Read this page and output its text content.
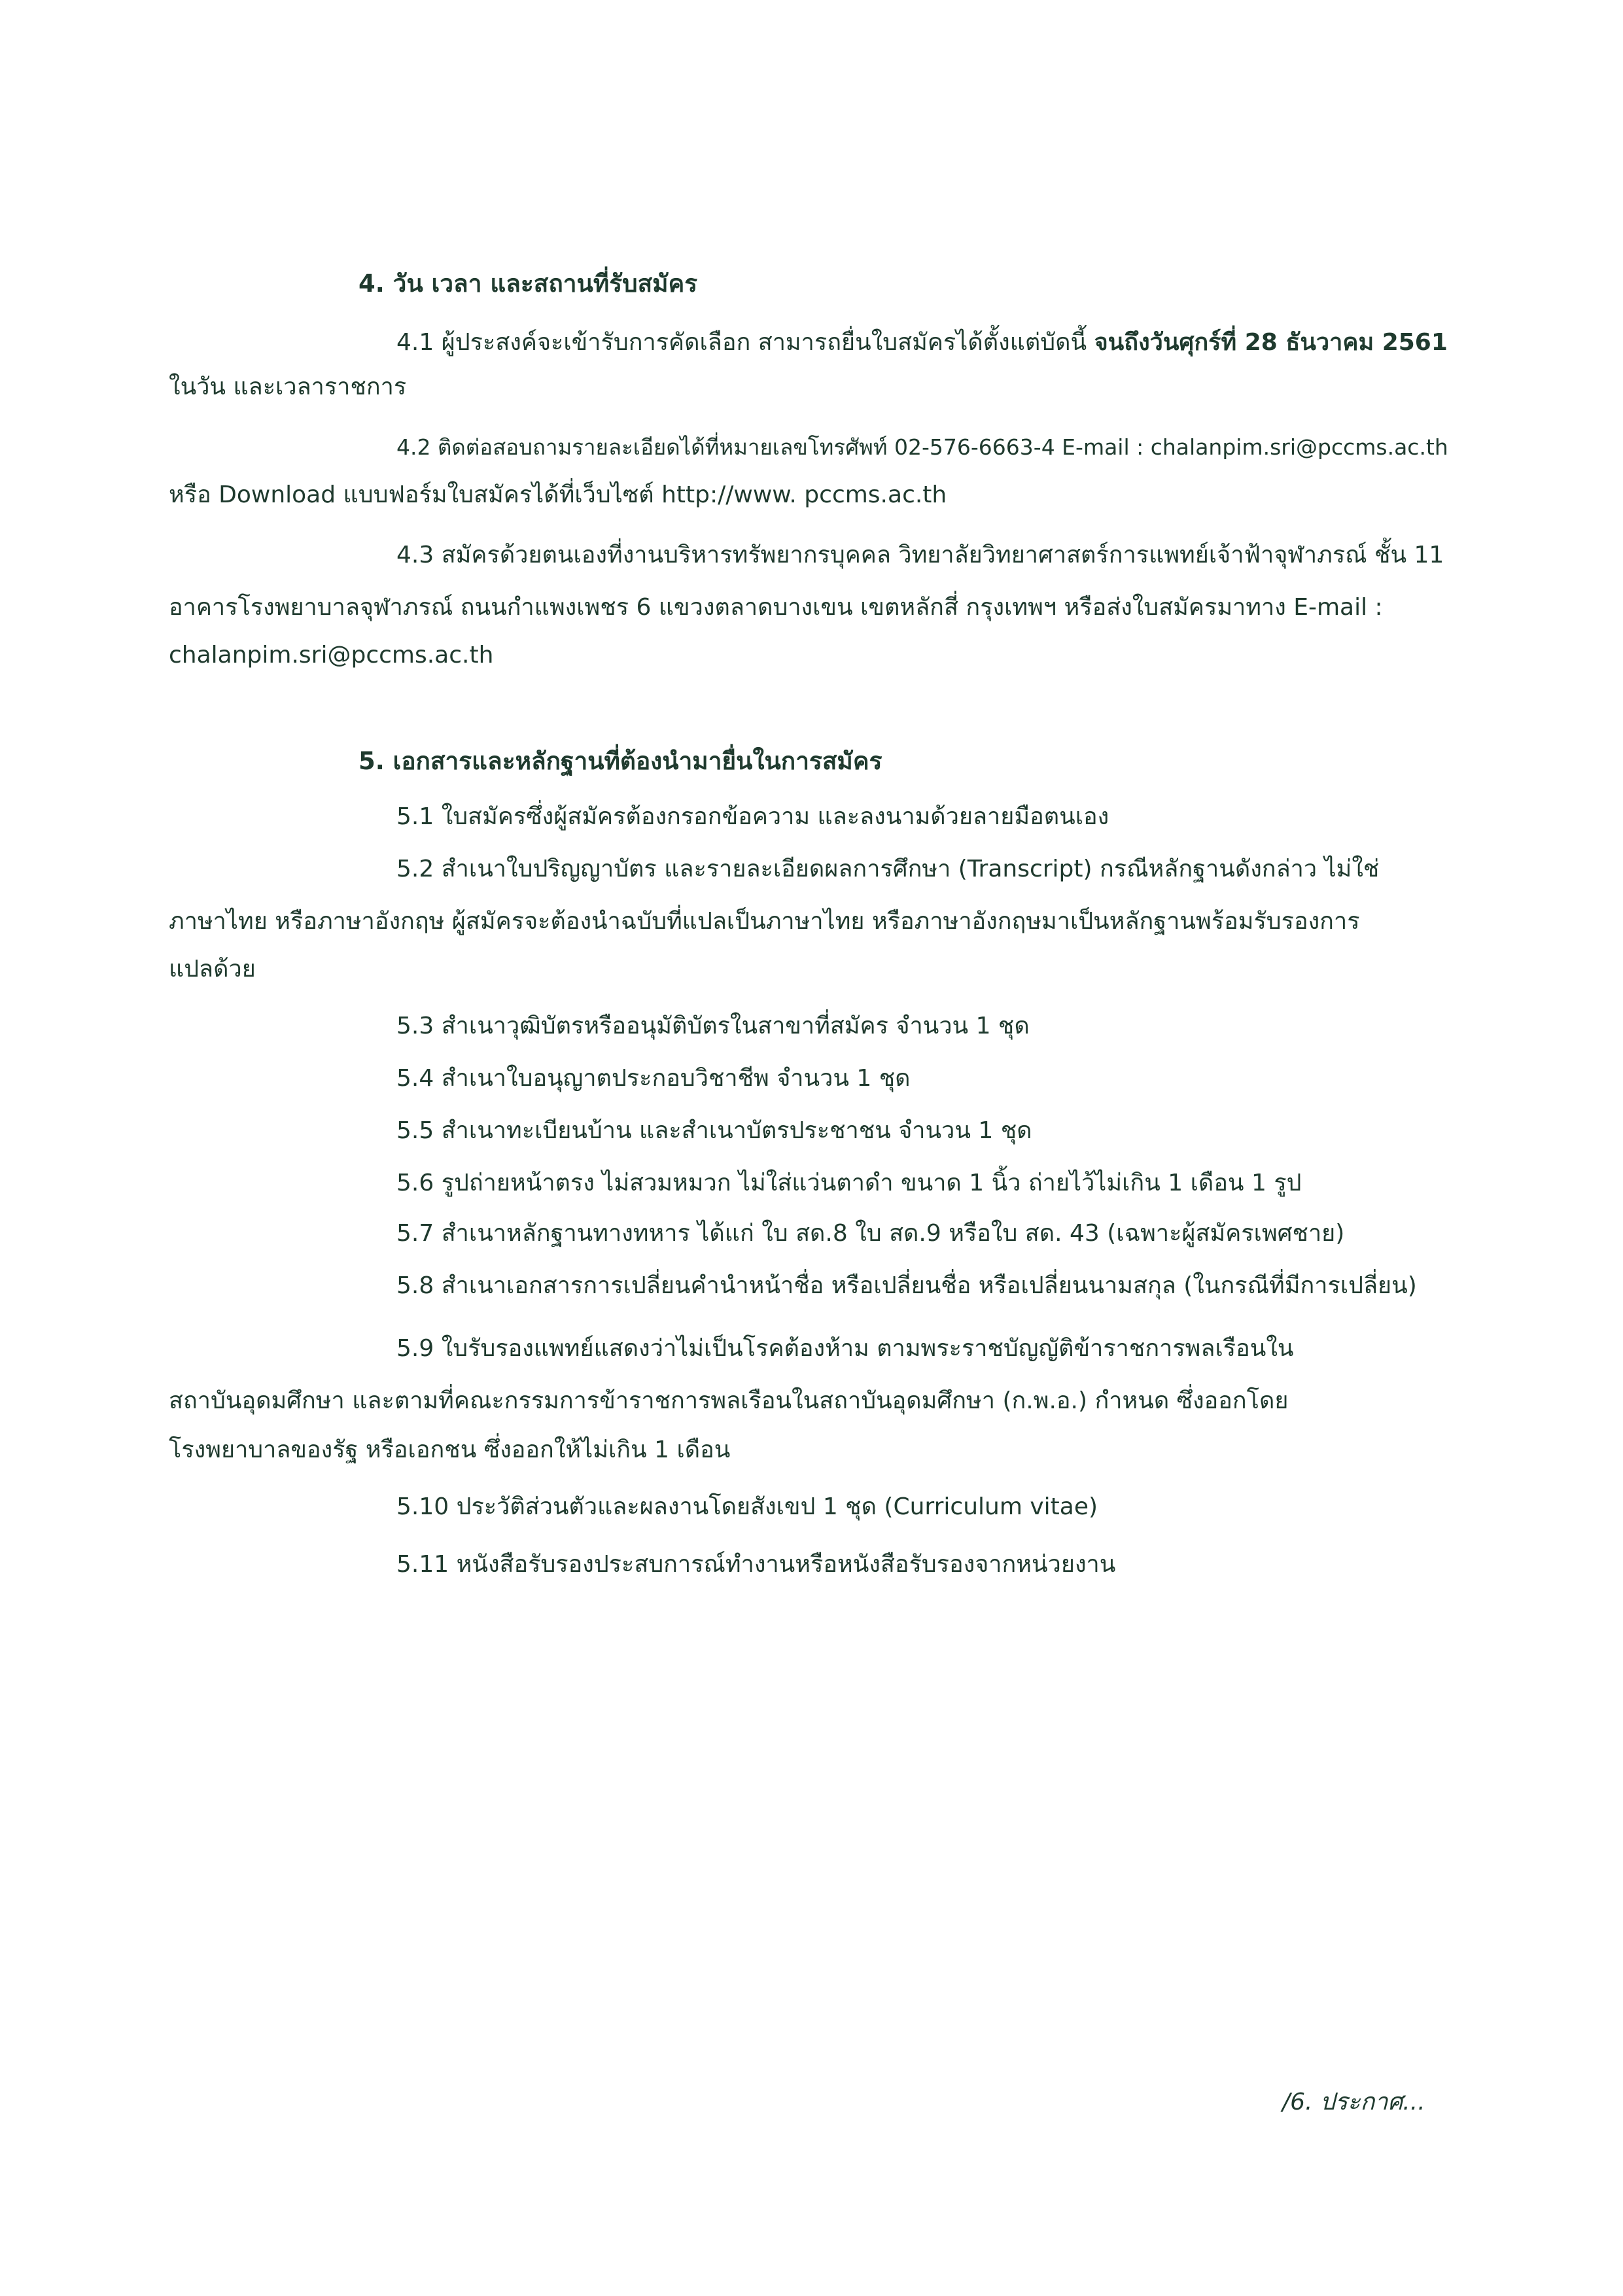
4. วัน เวลา และสถานที่รับสมัคร
4.1 ผู้ประสงค์จะเข้ารับการคัดเลือก สามารถยื่นใบสมัครได้ตั้งแต่บัดนี้ จนถึงวันศุกร์ที่ 28 ธันวาคม 2561
ในวัน และเวลาราชการ
4.2 ติดต่อสอบถามรายละเอียดได้ที่หมายเลขโทรศัพท์ 02-576-6663-4 E-mail : chalanpim.sri@pccms.ac.th
หรือ Download แบบฟอร์มใบสมัครได้ที่เว็บไซต์ http://www. pccms.ac.th
4.3 สมัครด้วยตนเองที่งานบริหารทรัพยากรบุคคล วิทยาลัยวิทยาศาสตร์การแพทย์เจ้าฟ้าจุฬาภรณ์ ชั้น 11
อาคารโรงพยาบาลจุฬาภรณ์ ถนนกำแพงเพชร 6 แขวงตลาดบางเขน เขตหลักสี่ กรุงเทพฯ หรือส่งใบสมัครมาทาง E-mail :
chalanpim.sri@pccms.ac.th
5. เอกสารและหลักฐานที่ต้องนำมายื่นในการสมัคร
5.1 ใบสมัครซึ่งผู้สมัครต้องกรอกข้อความ และลงนามด้วยลายมือตนเอง
5.2 สำเนาใบปริญญาบัตร และรายละเอียดผลการศึกษา (Transcript) กรณีหลักฐานดังกล่าว ไม่ใช่
ภาษาไทย หรือภาษาอังกฤษ ผู้สมัครจะต้องนำฉบับที่แปลเป็นภาษาไทย หรือภาษาอังกฤษมาเป็นหลักฐานพร้อมรับรองการ
แปลด้วย
5.3 สำเนาวุฒิบัตรหรืออนุมัติบัตรในสาขาที่สมัคร จำนวน 1 ชุด
5.4 สำเนาใบอนุญาตประกอบวิชาชีพ จำนวน 1 ชุด
5.5 สำเนาทะเบียนบ้าน และสำเนาบัตรประชาชน จำนวน 1 ชุด
5.6 รูปถ่ายหน้าตรง ไม่สวมหมวก ไม่ใส่แว่นตาดำ ขนาด 1 นิ้ว ถ่ายไว้ไม่เกิน 1 เดือน 1 รูป
5.7 สำเนาหลักฐานทางทหาร ได้แก่ ใบ สด.8 ใบ สด.9 หรือใบ สด. 43 (เฉพาะผู้สมัครเพศชาย)
5.8 สำเนาเอกสารการเปลี่ยนคำนำหน้าชื่อ หรือเปลี่ยนชื่อ หรือเปลี่ยนนามสกุล (ในกรณีที่มีการเปลี่ยน)
5.9 ใบรับรองแพทย์แสดงว่าไม่เป็นโรคต้องห้าม ตามพระราชบัญญัติข้าราชการพลเรือนใน
สถาบันอุดมศึกษา และตามที่คณะกรรมการข้าราชการพลเรือนในสถาบันอุดมศึกษา (ก.พ.อ.) กำหนด ซึ่งออกโดย
โรงพยาบาลของรัฐ หรือเอกชน ซึ่งออกให้ไม่เกิน 1 เดือน
5.10 ประวัติส่วนตัวและผลงานโดยสังเขป 1 ชุด (Curriculum vitae)
5.11 หนังสือรับรองประสบการณ์ทำงานหรือหนังสือรับรองจากหน่วยงาน
/6. ประกาศ...
